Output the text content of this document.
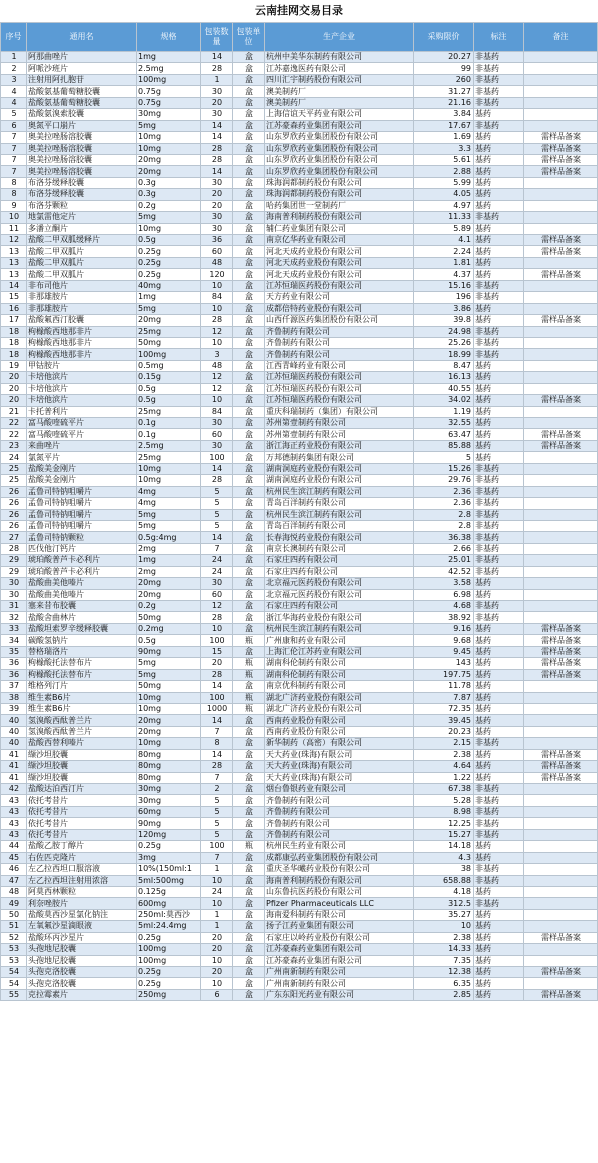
云南挂网交易目录
序号	通用名	规格	包装数量	包装单位	生产企业	采购限价	标注	备注
1	阿那曲唑片	1mg	14	盒	杭州中美华东制药有限公司	20.27	非基药	
2	阿哌沙班片	2.5mg	28	盒	江苏嘉逸医药有限公司	99	非基药	
3	注射用阿扎胞苷	100mg	1	盒	四川汇宇制药股份有限公司	260	非基药	
4	盐酸氨基葡萄糖胶囊	0.75g	30	盒	澳美制药厂	31.27	非基药	
4	盐酸氨基葡萄糖胶囊	0.75g	20	盒	澳美制药厂	21.16	非基药	
5	盐酸氨溴索胶囊	30mg	30	盒	上海信谊天平药业有限公司	3.84	基药	
6	奥氮平口崩片	5mg	14	盒	江苏豪森药业集团有限公司	17.67	非基药	
7	奥美拉唑肠溶胶囊	10mg	14	盒	山东罗欣药业集团股份有限公司	1.69	基药	需样品备案
7	奥美拉唑肠溶胶囊	10mg	28	盒	山东罗欣药业集团股份有限公司	3.3	基药	需样品备案
7	奥美拉唑肠溶胶囊	20mg	28	盒	山东罗欣药业集团股份有限公司	5.61	基药	需样品备案
7	奥美拉唑肠溶胶囊	20mg	14	盒	山东罗欣药业集团股份有限公司	2.88	基药	需样品备案
8	布洛芬缓释胶囊	0.3g	30	盒	珠海润都制药股份有限公司	5.99	基药	
8	布洛芬缓释胶囊	0.3g	20	盒	珠海润都制药股份有限公司	4.05	基药	
9	布洛芬颗粒	0.2g	20	盒	哈药集团世一堂制药厂	4.97	基药	
10	地氯雷他定片	5mg	30	盒	海南普利制药股份有限公司	11.33	非基药	
11	多潘立酮片	10mg	30	盒	辅仁药业集团有限公司	5.89	基药	
12	盐酸二甲双胍缓释片	0.5g	36	盒	南京亿华药业有限公司	4.1	基药	需样品备案
13	盐酸二甲双胍片	0.25g	60	盒	河北天成药业股份有限公司	2.24	基药	需样品备案
13	盐酸二甲双胍片	0.25g	48	盒	河北天成药业股份有限公司	1.81	基药	
13	盐酸二甲双胍片	0.25g	120	盒	河北天成药业股份有限公司	4.37	基药	需样品备案
14	非布司他片	40mg	10	盒	江苏恒瑞医药股份有限公司	15.16	非基药	
15	非那雄胺片	1mg	84	盒	天方药业有限公司	196	非基药	
16	非那雄胺片	5mg	10	盒	成都倍特药业股份有限公司	3.86	基药	
17	盐酸氟西汀胶囊	20mg	28	盒	山西仟源医药集团股份有限公司	39.8	基药	需样品备案
18	枸橼酸西地那非片	25mg	12	盒	齐鲁制药有限公司	24.98	非基药	
18	枸橼酸西地那非片	50mg	10	盒	齐鲁制药有限公司	25.26	非基药	
18	枸橼酸西地那非片	100mg	3	盒	齐鲁制药有限公司	18.99	非基药	
19	甲钴胺片	0.5mg	48	盒	江西青峰药业有限公司	8.47	基药	
20	卡培他滨片	0.15g	12	盒	江苏恒瑞医药股份有限公司	16.13	基药	
20	卡培他滨片	0.5g	12	盒	江苏恒瑞医药股份有限公司	40.55	基药	
20	卡培他滨片	0.5g	10	盒	江苏恒瑞医药股份有限公司	34.02	基药	需样品备案
21	卡托普利片	25mg	84	盒	重庆科瑞制药（集团）有限公司	1.19	基药	
22	富马酸喹硫平片	0.1g	30	盒	苏州第壹制药有限公司	32.55	基药	
22	富马酸喹硫平片	0.1g	60	盒	苏州第壹制药有限公司	63.47	基药	需样品备案
23	来曲唑片	2.5mg	30	盒	浙江海正药业股份有限公司	85.88	基药	需样品备案
24	氯氮平片	25mg	100	盒	万邦德制药集团有限公司	5	基药	
25	盐酸美金刚片	10mg	14	盒	湖南洞庭药业股份有限公司	15.26	非基药	
25	盐酸美金刚片	10mg	28	盒	湖南洞庭药业股份有限公司	29.76	非基药	
26	孟鲁司特钠咀嚼片	4mg	5	盒	杭州民生滨江制药有限公司	2.36	非基药	
26	孟鲁司特钠咀嚼片	4mg	5	盒	青岛百洋制药有限公司	2.36	非基药	
26	孟鲁司特钠咀嚼片	5mg	5	盒	杭州民生滨江制药有限公司	2.8	非基药	
26	孟鲁司特钠咀嚼片	5mg	5	盒	青岛百洋制药有限公司	2.8	非基药	
27	孟鲁司特钠颗粒	0.5g:4mg	14	盒	长春海悦药业股份有限公司	36.38	非基药	
28	匹伐他汀钙片	2mg	7	盒	南京长澳制药有限公司	2.66	非基药	
29	琥珀酸普芦卡必利片	1mg	24	盒	石家庄四药有限公司	25.01	非基药	
29	琥珀酸普芦卡必利片	2mg	24	盒	石家庄四药有限公司	42.52	非基药	
30	盐酸曲美他嗪片	20mg	30	盒	北京福元医药股份有限公司	3.58	基药	
30	盐酸曲美他嗪片	20mg	60	盒	北京福元医药股份有限公司	6.98	基药	
31	塞来昔布胶囊	0.2g	12	盒	石家庄四药有限公司	4.68	非基药	
32	盐酸舍曲林片	50mg	28	盒	浙江华海药业股份有限公司	38.92	非基药	
33	盐酸坦索罗辛缓释胶囊	0.2mg	10	盒	杭州民生滨江制药有限公司	9.16	基药	需样品备案
34	碳酸氢钠片	0.5g	100	瓶	广州康和药业有限公司	9.68	基药	需样品备案
35	替格瑞洛片	90mg	15	盒	上海汇伦江苏药业有限公司	9.45	基药	需样品备案
36	枸橼酸托法替布片	5mg	20	瓶	湖南科伦制药有限公司	143	基药	需样品备案
36	枸橼酸托法替布片	5mg	28	瓶	湖南科伦制药有限公司	197.75	基药	需样品备案
37	维格列汀片	50mg	14	盒	南京优科制药有限公司	11.78	基药	
38	维生素B6片	10mg	100	瓶	湖北广济药业股份有限公司	7.87	基药	
39	维生素B6片	10mg	1000	瓶	湖北广济药业股份有限公司	72.35	基药	
40	氢溴酸西酞普兰片	20mg	14	盒	西南药业股份有限公司	39.45	基药	
40	氢溴酸西酞普兰片	20mg	7	盒	西南药业股份有限公司	20.23	基药	
40	盐酸西替利嗪片	10mg	8	盒	新华制药（高密）有限公司	2.15	非基药	
41	缬沙坦胶囊	80mg	14	盒	天大药业(珠海)有限公司	2.38	基药	需样品备案
41	缬沙坦胶囊	80mg	28	盒	天大药业(珠海)有限公司	4.64	基药	需样品备案
41	缬沙坦胶囊	80mg	7	盒	天大药业(珠海)有限公司	1.22	基药	需样品备案
42	盐酸达泊西汀片	30mg	2	盒	烟台鲁银药业有限公司	67.38	非基药	
43	依托考昔片	30mg	5	盒	齐鲁制药有限公司	5.28	非基药	
43	依托考昔片	60mg	5	盒	齐鲁制药有限公司	8.98	非基药	
43	依托考昔片	90mg	5	盒	齐鲁制药有限公司	12.25	非基药	
43	依托考昔片	120mg	5	盒	齐鲁制药有限公司	15.27	非基药	
44	盐酸乙胺丁醇片	0.25g	100	瓶	杭州民生药业有限公司	14.18	基药	
45	右佐匹克隆片	3mg	7	盒	成都康弘药业集团股份有限公司	4.3	基药	
46	左乙拉西坦口服溶液	10%(150ml:1	1	盒	重庆圣华曦药业股份有限公司	38	非基药	
47	左乙拉西坦注射用浓溶	5ml:500mg	10	盒	海南普利制药股份有限公司	658.88	非基药	
48	阿莫西林颗粒	0.125g	24	盒	山东鲁抗医药股份有限公司	4.18	基药	
49	利奈唑胺片	600mg	10	盒	Pfizer Pharmaceuticals LLC	312.5	非基药	
50	盐酸莫西沙星氯化钠注	250ml:莫西沙	1	盒	海南爱科制药有限公司	35.27	基药	
51	左氧氟沙星滴眼液	5ml:24.4mg	1	盒	扬子江药业集团有限公司	10	基药	
52	盐酸环丙沙星片	0.25g	20	盒	石家庄以岭药业股份有限公司	2.38	基药	需样品备案
53	头孢地尼胶囊	100mg	20	盒	江苏豪森药业集团有限公司	14.33	基药	
53	头孢地尼胶囊	100mg	10	盒	江苏豪森药业集团有限公司	7.35	基药	
54	头孢克洛胶囊	0.25g	20	盒	广州南新制药有限公司	12.38	基药	需样品备案
54	头孢克洛胶囊	0.25g	10	盒	广州南新制药有限公司	6.35	基药	
55	克拉霉素片	250mg	6	盒	广东东阳光药业有限公司	2.85	基药	需样品备案
